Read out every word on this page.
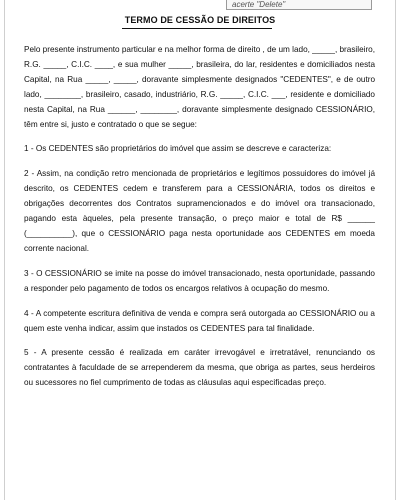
acerte "Delete"
TERMO DE CESSÃO DE DIREITOS

Pelo presente instrumento particular e na melhor forma de direito , de um lado, _____, brasileiro, R.G. _____, C.I.C. ____, e sua mulher _____, brasileira, do lar, residentes e domiciliados nesta Capital, na Rua _____, _____, doravante simplesmente designados "CEDENTES", e de outro lado, ________, brasileiro, casado, industriário, R.G. _____, C.I.C. ___, residente e domiciliado nesta Capital, na Rua ______, ________, doravante simplesmente designado CESSIONÁRIO, têm entre si, justo e contratado o que se segue:

1 - Os CEDENTES são proprietários do imóvel que assim se descreve e caracteriza:

2 - Assim, na condição retro mencionada de proprietários e legítimos possuidores do imóvel já descrito, os CEDENTES cedem e transferem para a CESSIONÁRIA, todos os direitos e obrigações decorrentes dos Contratos supramencionados e do imóvel ora transacionado, pagando esta àqueles, pela presente transação, o preço maior e total de R$ ______ (__________), que o CESSIONÁRIO paga nesta oportunidade aos CEDENTES em moeda corrente nacional.

3 - O CESSIONÁRIO se imite na posse do imóvel transacionado, nesta oportunidade, passando a responder pelo pagamento de todos os encargos relativos à ocupação do mesmo.

4 - A competente escritura definitiva de venda e compra será outorgada ao CESSIONÁRIO ou a quem este venha indicar, assim que instados os CEDENTES para tal finalidade.

5 - A presente cessão é realizada em caráter irrevogável e irretratável, renunciando os contratantes à faculdade de se arrependerem da mesma, que obriga as partes, seus herdeiros ou sucessores no fiel cumprimento de todas as cláusulas aqui especificadas preço.
